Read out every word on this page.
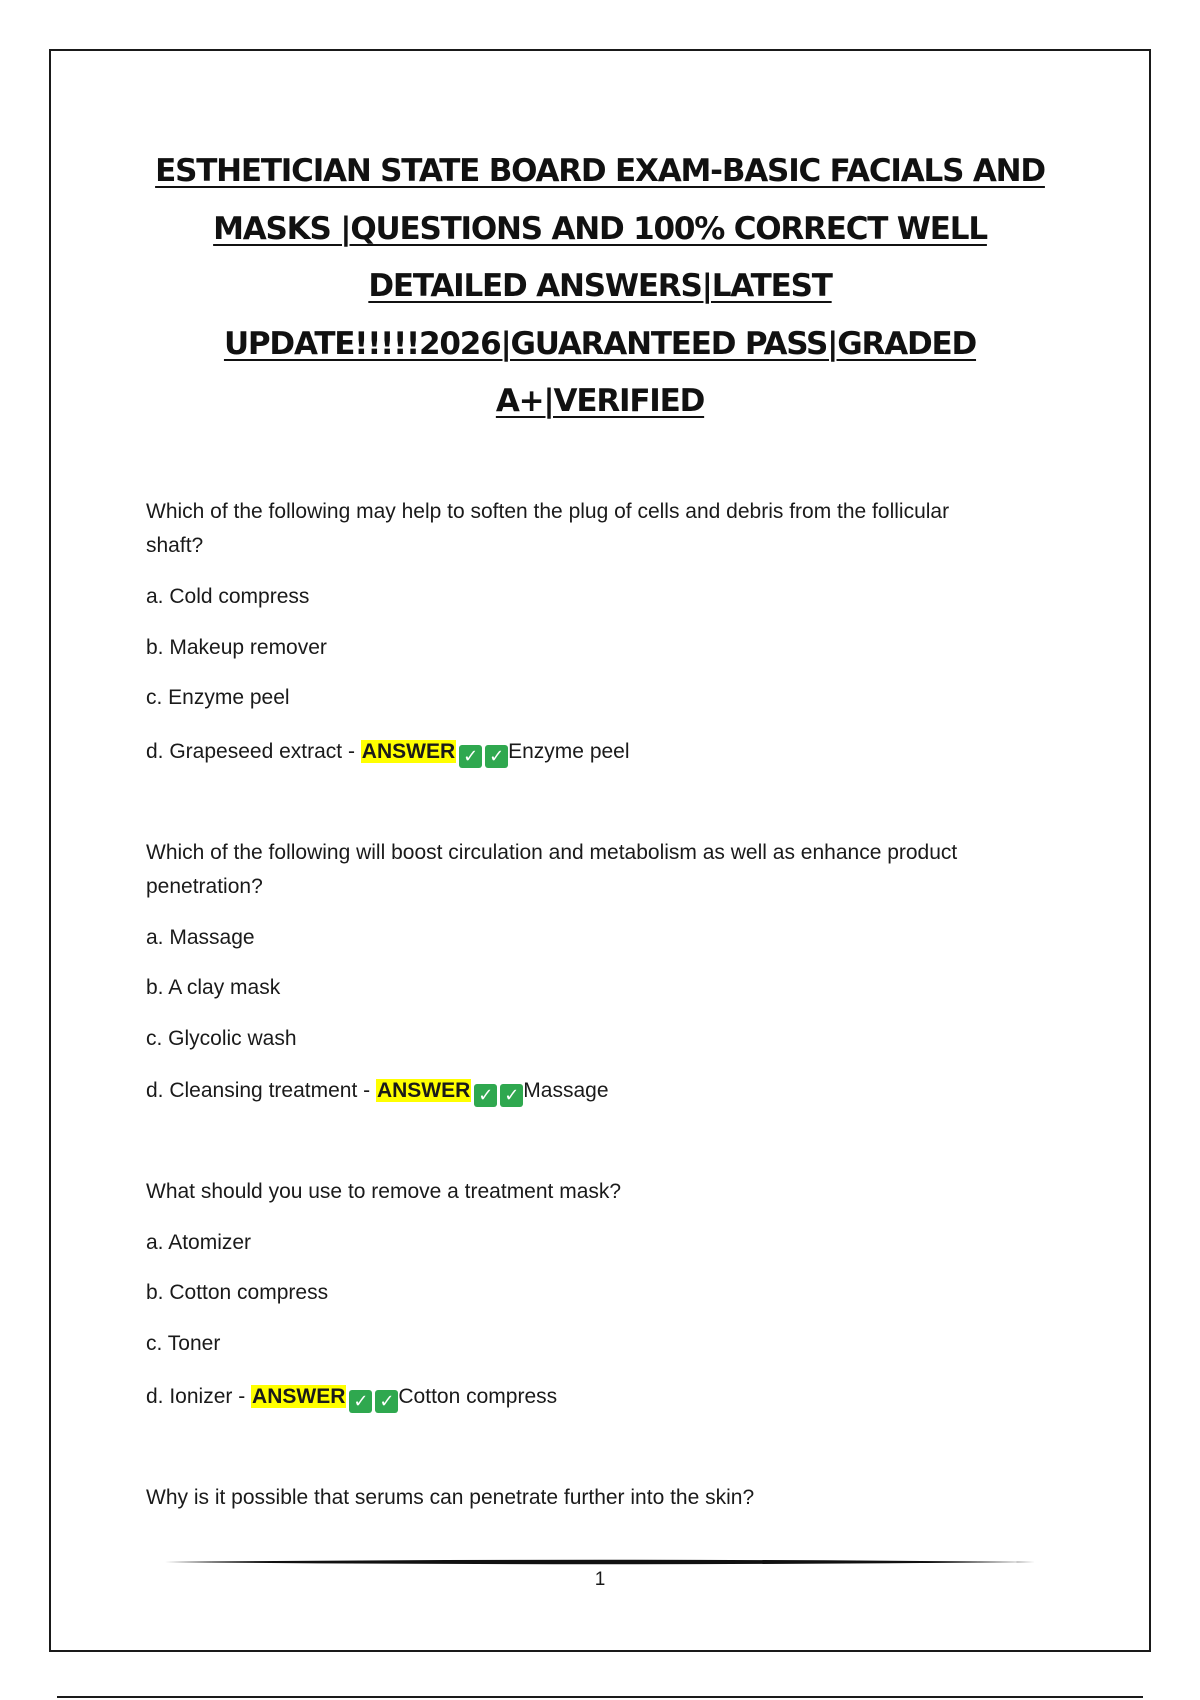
ESTHETICIAN STATE BOARD EXAM-BASIC FACIALS AND
MASKS |QUESTIONS AND 100% CORRECT WELL
DETAILED ANSWERS|LATEST
UPDATE!!!!!2026|GUARANTEED PASS|GRADED
A+|VERIFIED
Which of the following may help to soften the plug of cells and debris from the follicular
shaft?
a. Cold compress
b. Makeup remover
c. Enzyme peel
d. Grapeseed extract - ANSWER ✓ ✓ Enzyme peel
Which of the following will boost circulation and metabolism as well as enhance product
penetration?
a. Massage
b. A clay mask
c. Glycolic wash
d. Cleansing treatment - ANSWER ✓ ✓ Massage
What should you use to remove a treatment mask?
a. Atomizer
b. Cotton compress
c. Toner
d. Ionizer - ANSWER ✓ ✓ Cotton compress
Why is it possible that serums can penetrate further into the skin?
1
